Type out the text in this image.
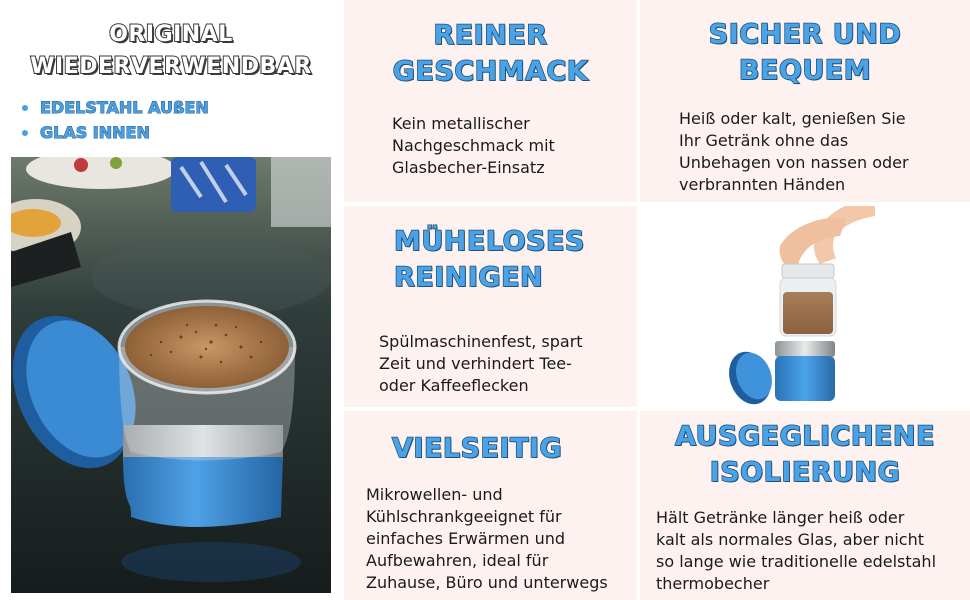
ORIGINAL
WIEDERVERWENDBAR
EDELSTAHL AUßEN
GLAS INNEN
REINER
GESCHMACK

Kein metallischer
Nachgeschmack mit
Glasbecher-Einsatz

SICHER UND
BEQUEM

Heiß oder kalt, genießen Sie
Ihr Getränk ohne das
Unbehagen von nassen oder
verbrannten Händen

MÜHELOSES
REINIGEN

Spülmaschinenfest, spart
Zeit und verhindert Tee-
oder Kaffeeflecken

VIELSEITIG

Mikrowellen- und
Kühlschrankgeeignet für
einfaches Erwärmen und
Aufbewahren, ideal für
Zuhause, Büro und unterwegs

AUSGEGLICHENE
ISOLIERUNG

Hält Getränke länger heiß oder
kalt als normales Glas, aber nicht
so lange wie traditionelle edelstahl
thermobecher
